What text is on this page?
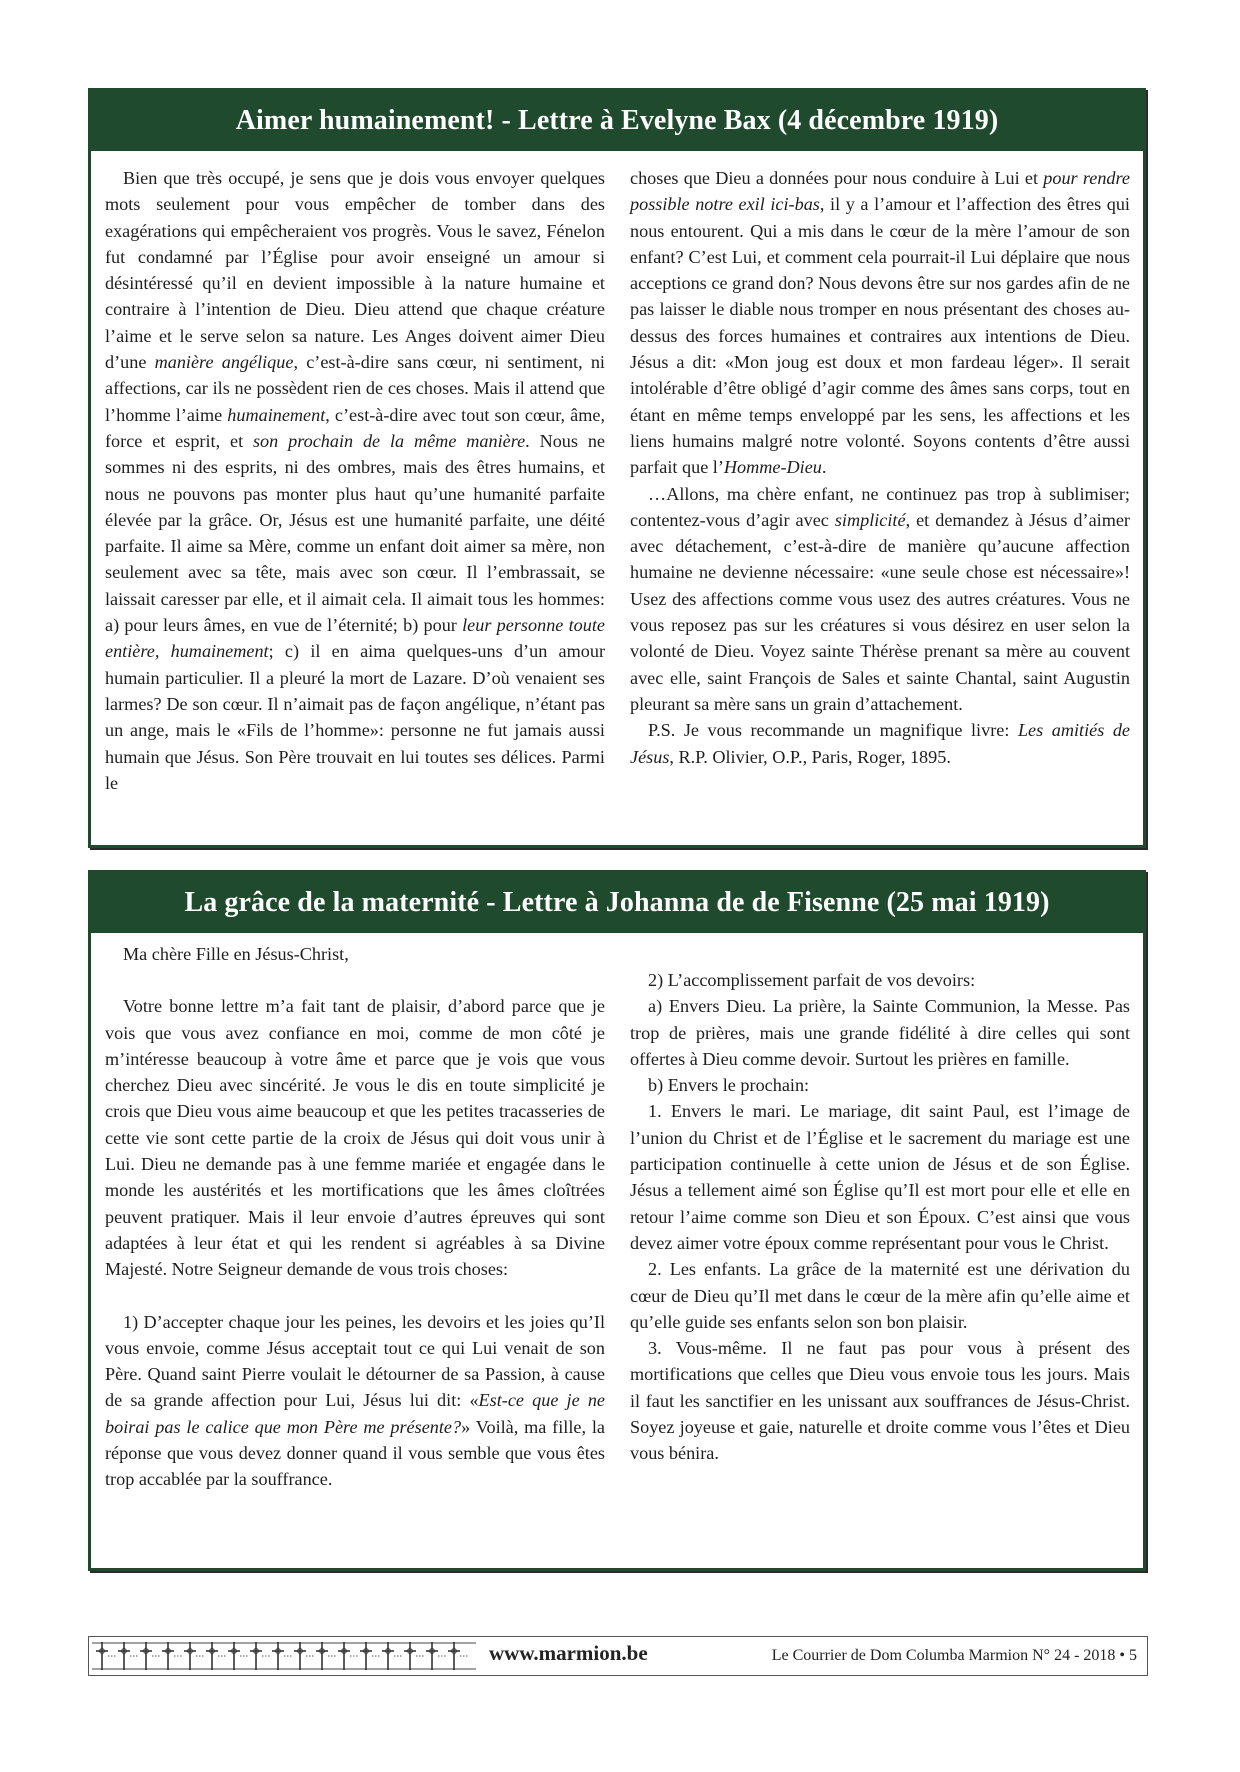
Aimer humainement! - Lettre à Evelyne Bax (4 décembre 1919)

Bien que très occupé, je sens que je dois vous envoyer quelques mots seulement pour vous empêcher de tomber dans des exagérations qui empêcheraient vos progrès. Vous le savez, Fénelon fut condamné par l’Église pour avoir enseigné un amour si désintéressé qu’il en devient impossible à la nature humaine et contraire à l’intention de Dieu. Dieu attend que chaque créature l’aime et le serve selon sa nature. Les Anges doivent aimer Dieu d’une manière angélique, c’est-à-dire sans cœur, ni sentiment, ni affections, car ils ne possèdent rien de ces choses. Mais il attend que l’homme l’aime humainement, c’est-à-dire avec tout son cœur, âme, force et esprit, et son prochain de la même manière. Nous ne sommes ni des esprits, ni des ombres, mais des êtres humains, et nous ne pouvons pas monter plus haut qu’une humanité parfaite élevée par la grâce. Or, Jésus est une humanité parfaite, une déité parfaite. Il aime sa Mère, comme un enfant doit aimer sa mère, non seulement avec sa tête, mais avec son cœur. Il l’embrassait, se laissait caresser par elle, et il aimait cela. Il aimait tous les hommes: a) pour leurs âmes, en vue de l’éternité; b) pour leur personne toute entière, humainement; c) il en aima quelques-uns d’un amour humain particulier. Il a pleuré la mort de Lazare. D’où venaient ses larmes? De son cœur. Il n’aimait pas de façon angélique, n’étant pas un ange, mais le «Fils de l’homme»: personne ne fut jamais aussi humain que Jésus. Son Père trouvait en lui toutes ses délices. Parmi le

choses que Dieu a données pour nous conduire à Lui et pour rendre possible notre exil ici-bas, il y a l’amour et l’affection des êtres qui nous entourent. Qui a mis dans le cœur de la mère l’amour de son enfant? C’est Lui, et comment cela pourrait-il Lui déplaire que nous acceptions ce grand don? Nous devons être sur nos gardes afin de ne pas laisser le diable nous tromper en nous présentant des choses au-dessus des forces humaines et contraires aux intentions de Dieu. Jésus a dit: «Mon joug est doux et mon fardeau léger». Il serait intolérable d’être obligé d’agir comme des âmes sans corps, tout en étant en même temps enveloppé par les sens, les affections et les liens humains malgré notre volonté. Soyons contents d’être aussi parfait que l’Homme-Dieu.

…Allons, ma chère enfant, ne continuez pas trop à sublimiser; contentez-vous d’agir avec simplicité, et demandez à Jésus d’aimer avec détachement, c’est-à-dire de manière qu’aucune affection humaine ne devienne nécessaire: «une seule chose est nécessaire»! Usez des affections comme vous usez des autres créatures. Vous ne vous reposez pas sur les créatures si vous désirez en user selon la volonté de Dieu. Voyez sainte Thérèse prenant sa mère au couvent avec elle, saint François de Sales et sainte Chantal, saint Augustin pleurant sa mère sans un grain d’attachement.

P.S. Je vous recommande un magnifique livre: Les amitiés de Jésus, R.P. Olivier, O.P., Paris, Roger, 1895.

La grâce de la maternité - Lettre à Johanna de de Fisenne (25 mai 1919)

Ma chère Fille en Jésus-Christ,

Votre bonne lettre m’a fait tant de plaisir, d’abord parce que je vois que vous avez confiance en moi, comme de mon côté je m’intéresse beaucoup à votre âme et parce que je vois que vous cherchez Dieu avec sincérité. Je vous le dis en toute simplicité je crois que Dieu vous aime beaucoup et que les petites tracasseries de cette vie sont cette partie de la croix de Jésus qui doit vous unir à Lui. Dieu ne demande pas à une femme mariée et engagée dans le monde les austérités et les mortifications que les âmes cloîtrées peuvent pratiquer. Mais il leur envoie d’autres épreuves qui sont adaptées à leur état et qui les rendent si agréables à sa Divine Majesté. Notre Seigneur demande de vous trois choses:

1) D’accepter chaque jour les peines, les devoirs et les joies qu’Il vous envoie, comme Jésus acceptait tout ce qui Lui venait de son Père. Quand saint Pierre voulait le détourner de sa Passion, à cause de sa grande affection pour Lui, Jésus lui dit: «Est-ce que je ne boirai pas le calice que mon Père me présente?» Voilà, ma fille, la réponse que vous devez donner quand il vous semble que vous êtes trop accablée par la souffrance.

2) L’accomplissement parfait de vos devoirs:

a) Envers Dieu. La prière, la Sainte Communion, la Messe. Pas trop de prières, mais une grande fidélité à dire celles qui sont offertes à Dieu comme devoir. Surtout les prières en famille.

b) Envers le prochain:

1. Envers le mari. Le mariage, dit saint Paul, est l’image de l’union du Christ et de l’Église et le sacrement du mariage est une participation continuelle à cette union de Jésus et de son Église. Jésus a tellement aimé son Église qu’Il est mort pour elle et elle en retour l’aime comme son Dieu et son Époux. C’est ainsi que vous devez aimer votre époux comme représentant pour vous le Christ.

2. Les enfants. La grâce de la maternité est une dérivation du cœur de Dieu qu’Il met dans le cœur de la mère afin qu’elle aime et qu’elle guide ses enfants selon son bon plaisir.

3. Vous-même. Il ne faut pas pour vous à présent des mortifications que celles que Dieu vous envoie tous les jours. Mais il faut les sanctifier en les unissant aux souffrances de Jésus-Christ. Soyez joyeuse et gaie, naturelle et droite comme vous l’êtes et Dieu vous bénira.

www.marmion.be	Le Courrier de Dom Columba Marmion N° 24 - 2018 • 5
